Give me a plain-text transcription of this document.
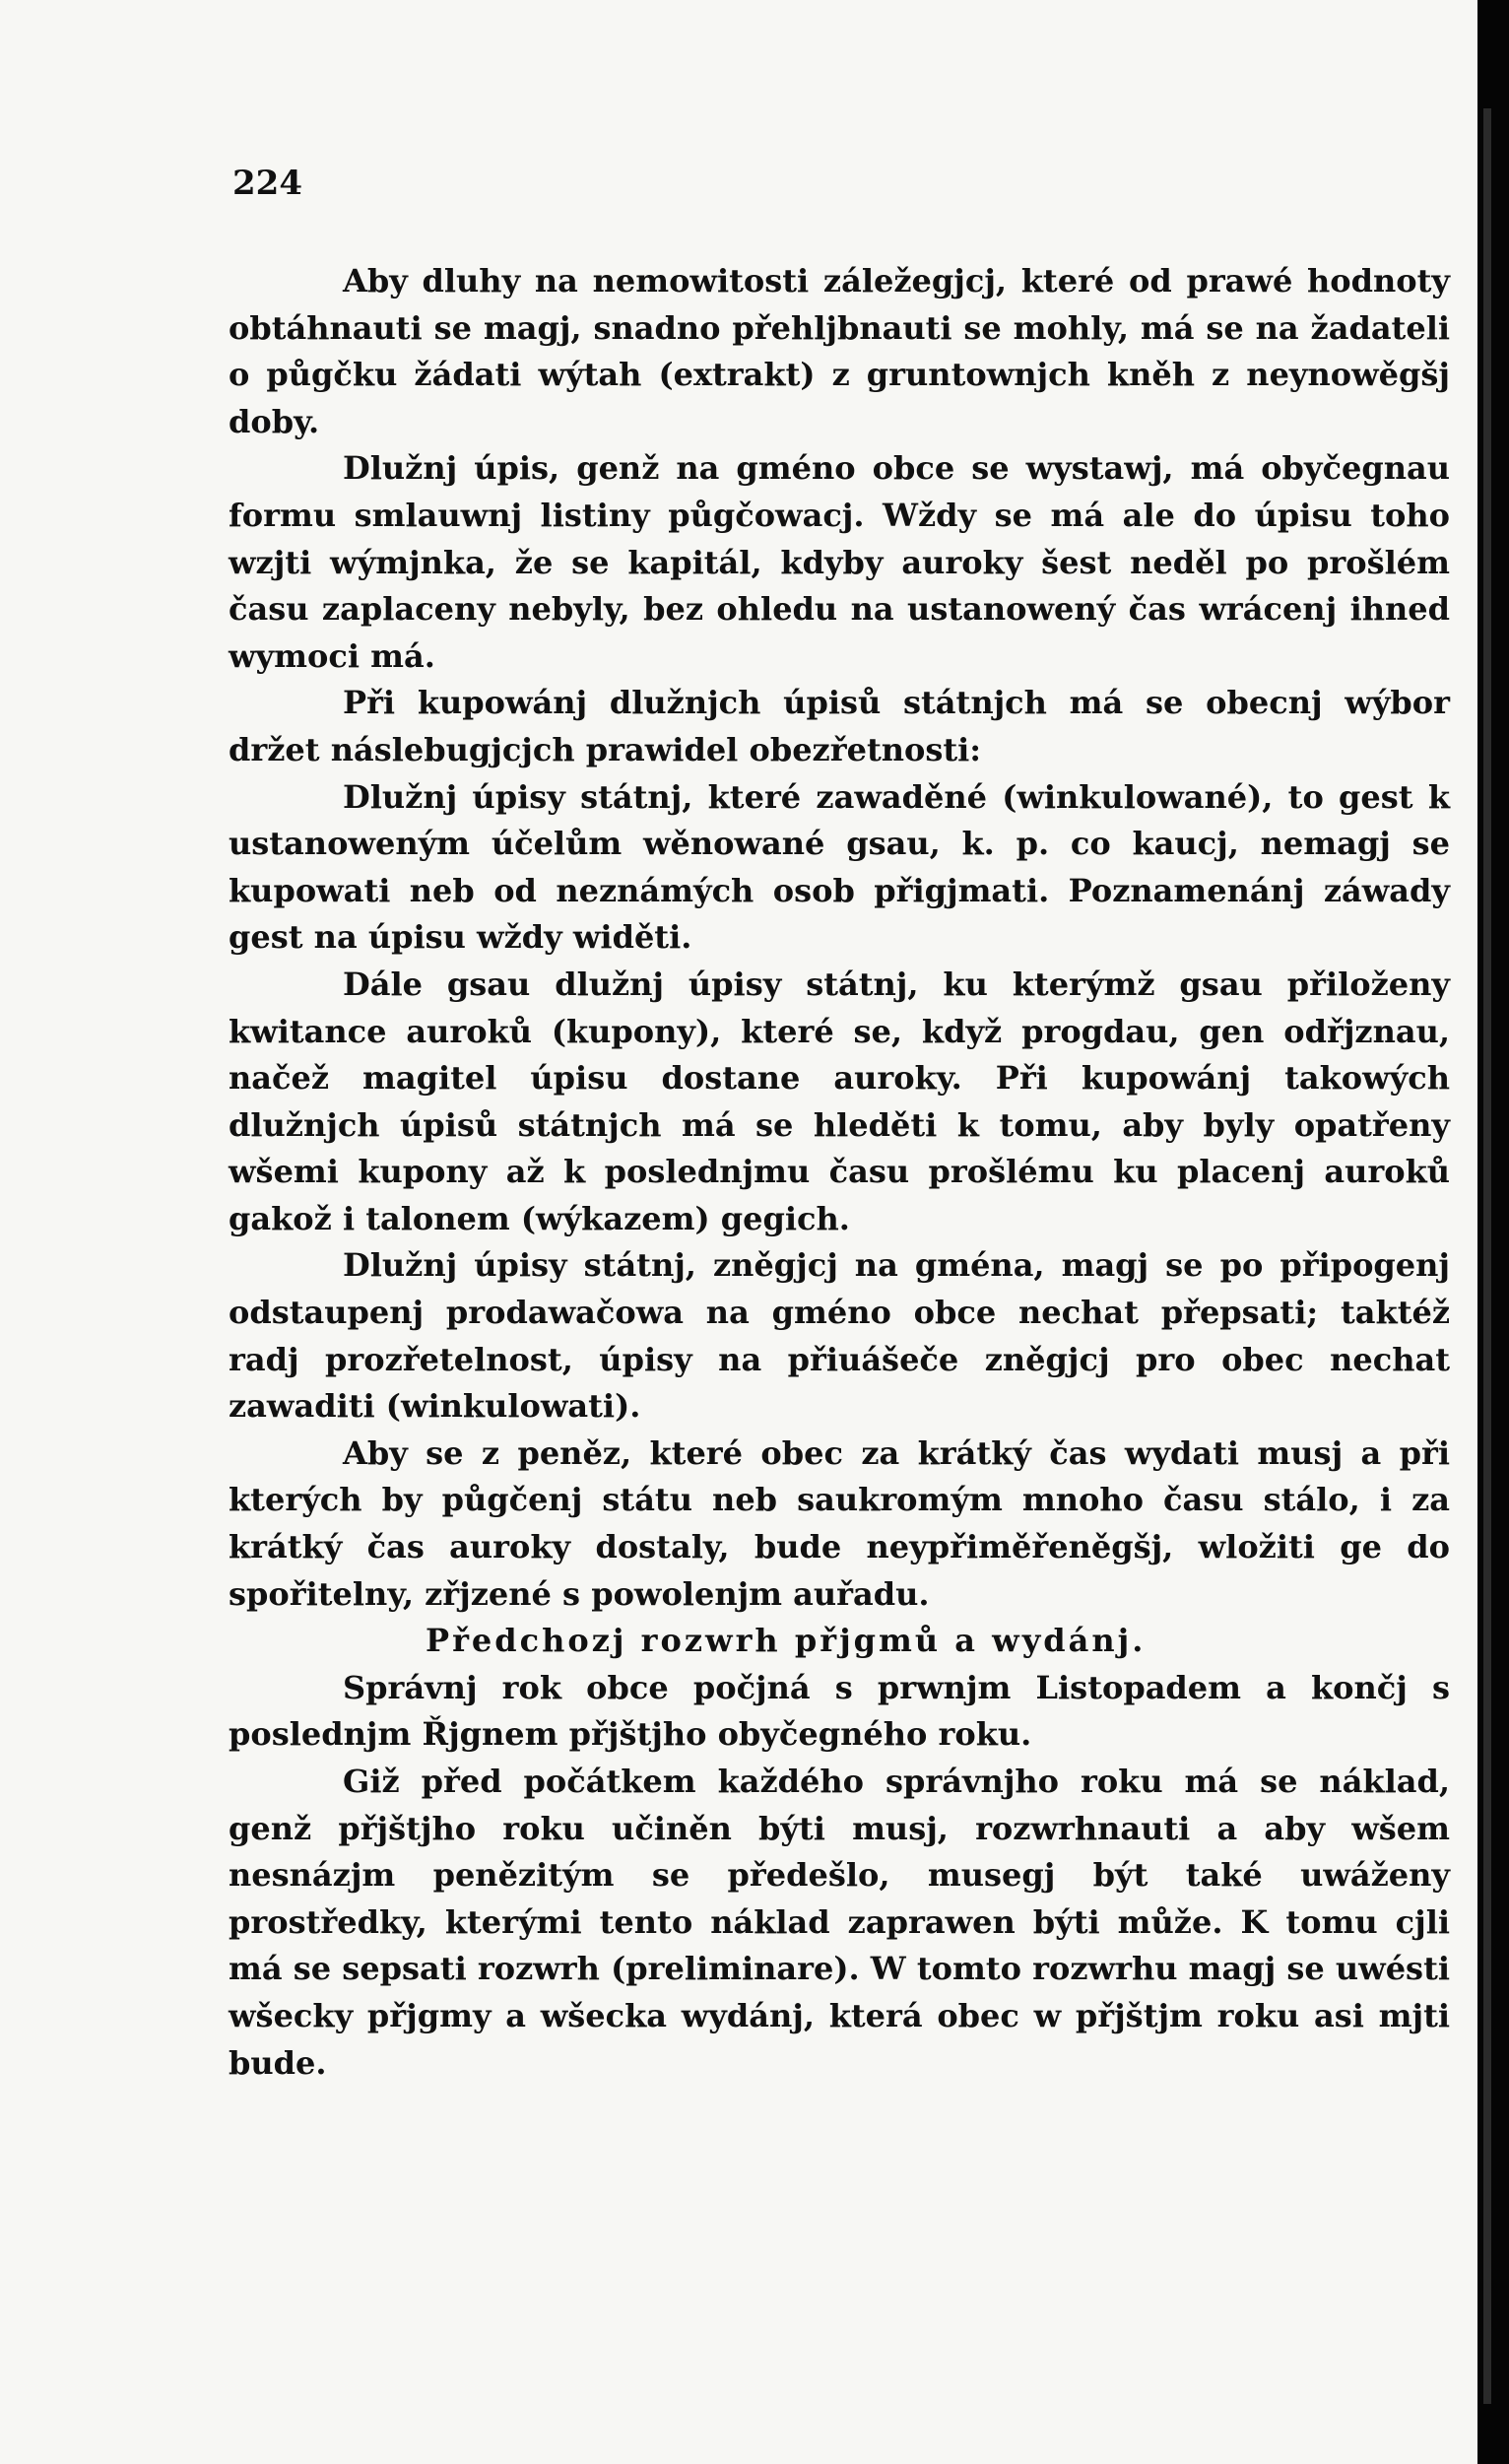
224

Aby dluhy na nemowitosti záležegjcj, které od prawé hodnoty obtáhnauti se magj, snadno přehljbnauti se mohly, má se na žadateli o půgčku žádati wýtah (extrakt) z gruntownjch kněh z neynowěgšj doby.

Dlužnj úpis, genž na gméno obce se wystawj, má obyčegnau formu smlauwnj listiny půgčowacj. Wždy se má ale do úpisu toho wzjti wýmjnka, že se kapitál, kdyby auroky šest neděl po prošlém času zaplaceny nebyly, bez ohledu na ustanowený čas wrácenj ihned wymoci má.

Při kupowánj dlužnjch úpisů státnjch má se obecnj wýbor držet náslebugjcjch prawidel obezřetnosti:

Dlužnj úpisy státnj, které zawaděné (winkulowané), to gest k ustanoweným účelům wěnowané gsau, k. p. co kaucj, nemagj se kupowati neb od neznámých osob přigjmati. Poznamenánj záwady gest na úpisu wždy widěti.

Dále gsau dlužnj úpisy státnj, ku kterýmž gsau přiloženy kwitance auroků (kupony), které se, když progdau, gen odřjznau, načež magitel úpisu dostane auroky. Při kupowánj takowých dlužnjch úpisů státnjch má se hleděti k tomu, aby byly opatřeny wšemi kupony až k poslednjmu času prošlému ku placenj auroků gakož i talonem (wýkazem) gegich.

Dlužnj úpisy státnj, zněgjcj na gména, magj se po připogenj odstaupenj prodawačowa na gméno obce nechat přepsati; taktéž radj prozřetelnost, úpisy na přiuášeče zněgjcj pro obec nechat zawaditi (winkulowati).

Aby se z peněz, které obec za krátký čas wydati musj a při kterých by půgčenj státu neb saukromým mnoho času stálo, i za krátký čas auroky dostaly, bude neypřiměřeněgšj, wložiti ge do spořitelny, zřjzené s powolenjm auřadu.

Předchozj rozwrh přjgmů a wydánj.

Správnj rok obce počjná s prwnjm Listopadem a končj s poslednjm Řjgnem přjštjho obyčegného roku.

Giž před počátkem každého správnjho roku má se náklad, genž přjštjho roku učiněn býti musj, rozwrhnauti a aby wšem nesnázjm penězitým se předešlo, musegj být také uwáženy prostředky, kterými tento náklad zaprawen býti může. K tomu cjli má se sepsati rozwrh (preliminare). W tomto rozwrhu magj se uwésti wšecky přjgmy a wšecka wydánj, která obec w přjštjm roku asi mjti bude.
